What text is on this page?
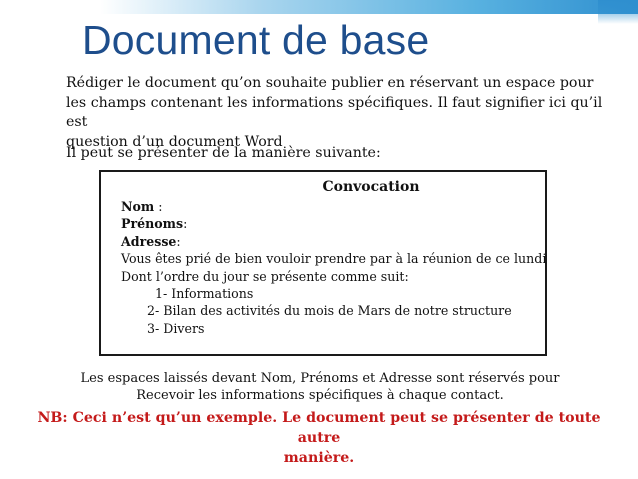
Document de base

Rédiger le document qu’on souhaite publier en réservant un espace pour

les champs contenant les informations spécifiques. Il faut signifier ici qu’il est

question d’un document Word

Il peut se présenter de la manière suivante:
Convocation
Nom :
Prénoms:
Adresse:
Vous êtes prié de bien vouloir prendre par à la réunion de ce lundi
Dont l’ordre du jour se présente comme suit:
1- Informations
2- Bilan des activités du mois de Mars de notre structure
3- Divers
Les espaces laissés devant Nom, Prénoms et Adresse sont réservés pour
Recevoir les informations spécifiques à chaque contact.
NB: Ceci n’est qu’un exemple. Le document peut se présenter de toute autre
manière.
